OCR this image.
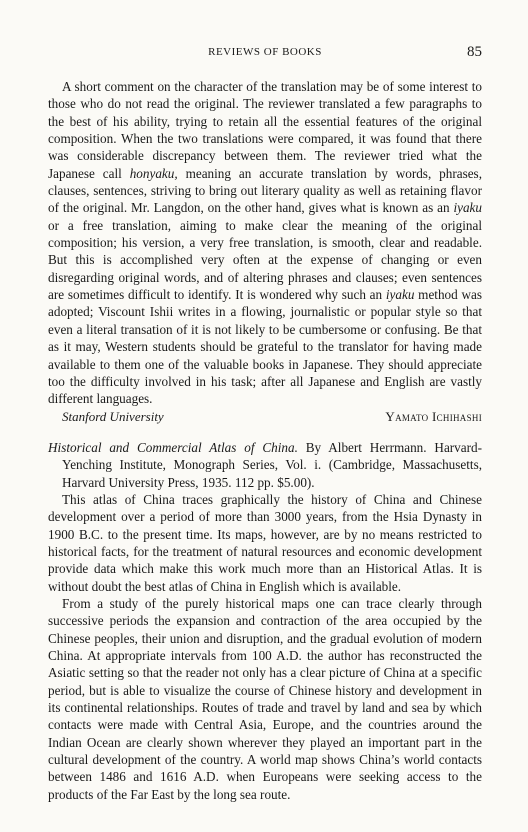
REVIEWS OF BOOKS	85

A short comment on the character of the translation may be of some interest to those who do not read the original. The reviewer translated a few paragraphs to the best of his ability, trying to retain all the essential features of the original composition. When the two translations were compared, it was found that there was considerable discrepancy between them. The reviewer tried what the Japanese call honyaku, meaning an accurate translation by words, phrases, clauses, sentences, striving to bring out literary quality as well as retaining flavor of the original. Mr. Langdon, on the other hand, gives what is known as an iyaku or a free translation, aiming to make clear the meaning of the original composition; his version, a very free translation, is smooth, clear and readable. But this is accomplished very often at the expense of changing or even disregarding original words, and of altering phrases and clauses; even sentences are sometimes difficult to identify. It is wondered why such an iyaku method was adopted; Viscount Ishii writes in a flowing, journalistic or popular style so that even a literal transation of it is not likely to be cumbersome or confusing. Be that as it may, Western students should be grateful to the translator for having made available to them one of the valuable books in Japanese. They should appreciate too the difficulty involved in his task; after all Japanese and English are vastly different languages.

Stanford University	Yamato Ichihashi

Historical and Commercial Atlas of China. By Albert Herrmann. Harvard-Yenching Institute, Monograph Series, Vol. i. (Cambridge, Massachusetts, Harvard University Press, 1935. 112 pp. $5.00).

This atlas of China traces graphically the history of China and Chinese development over a period of more than 3000 years, from the Hsia Dynasty in 1900 B.C. to the present time. Its maps, however, are by no means restricted to historical facts, for the treatment of natural resources and economic development provide data which make this work much more than an Historical Atlas. It is without doubt the best atlas of China in English which is available.

From a study of the purely historical maps one can trace clearly through successive periods the expansion and contraction of the area occupied by the Chinese peoples, their union and disruption, and the gradual evolution of modern China. At appropriate intervals from 100 A.D. the author has reconstructed the Asiatic setting so that the reader not only has a clear picture of China at a specific period, but is able to visualize the course of Chinese history and development in its continental relationships. Routes of trade and travel by land and sea by which contacts were made with Central Asia, Europe, and the countries around the Indian Ocean are clearly shown wherever they played an important part in the cultural development of the country. A world map shows China’s world contacts between 1486 and 1616 A.D. when Europeans were seeking access to the products of the Far East by the long sea route.
